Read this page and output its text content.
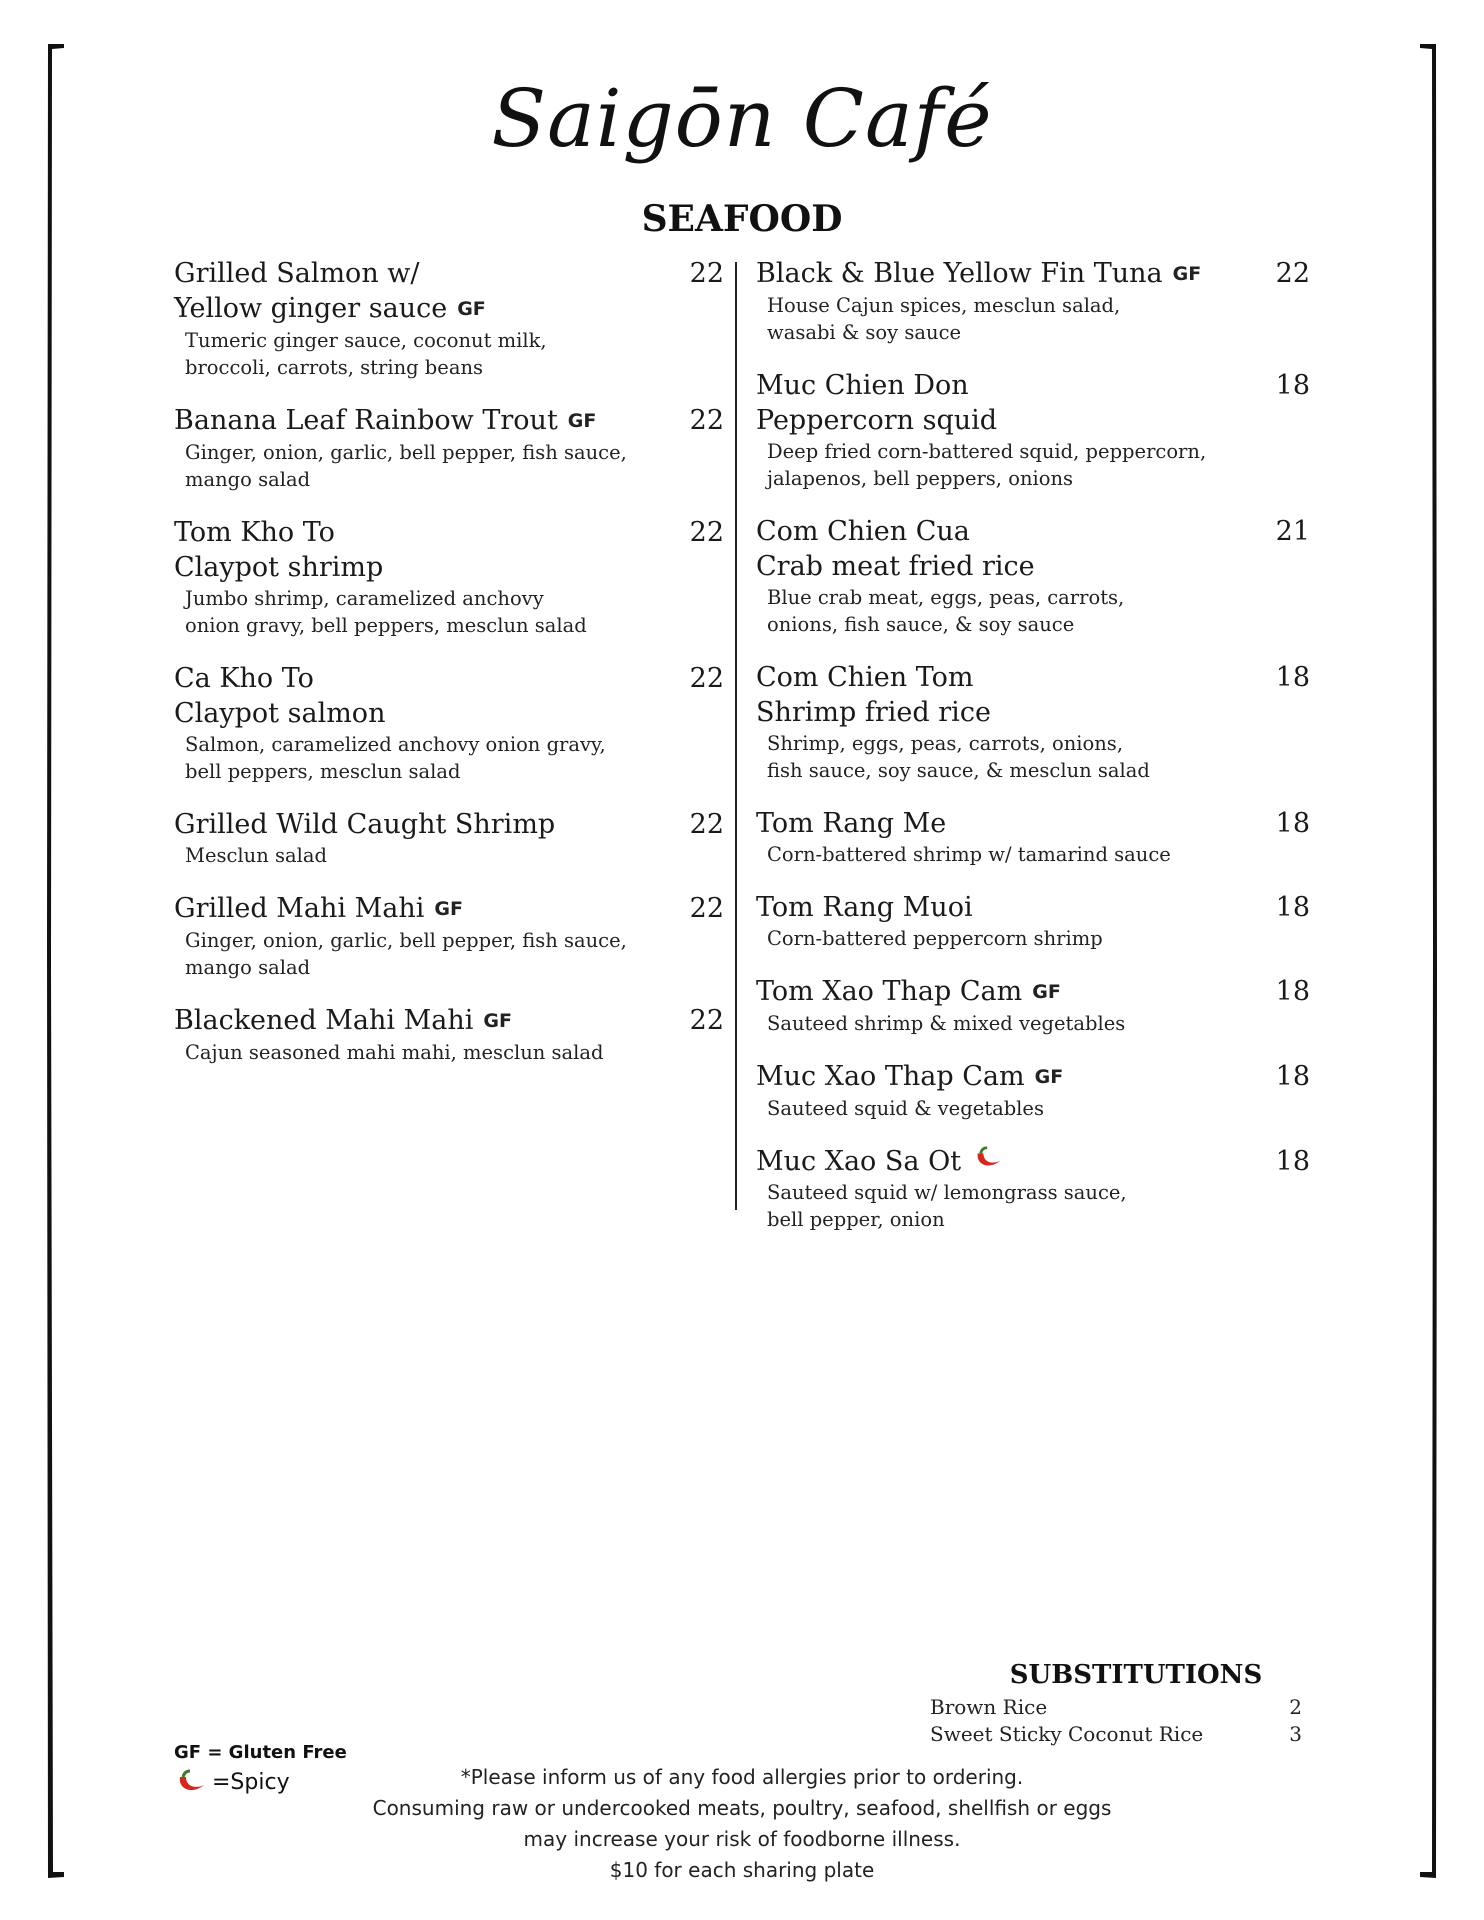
Saigōn Café
SEAFOOD
Grilled Salmon w/
Yellow ginger sauce GF
22
Tumeric ginger sauce, coconut milk,
broccoli, carrots, string beans
Banana Leaf Rainbow Trout GF	22
Ginger, onion, garlic, bell pepper, fish sauce,
mango salad
Tom Kho To
Claypot shrimp
22
Jumbo shrimp, caramelized anchovy
onion gravy, bell peppers, mesclun salad
Ca Kho To
Claypot salmon
22
Salmon, caramelized anchovy onion gravy,
bell peppers, mesclun salad
Grilled Wild Caught Shrimp	22
Mesclun salad
Grilled Mahi Mahi GF	22
Ginger, onion, garlic, bell pepper, fish sauce,
mango salad
Blackened Mahi Mahi GF	22
Cajun seasoned mahi mahi, mesclun salad
Black & Blue Yellow Fin Tuna GF	22
House Cajun spices, mesclun salad,
wasabi & soy sauce
Muc Chien Don
Peppercorn squid
18
Deep fried corn-battered squid, peppercorn,
jalapenos, bell peppers, onions
Com Chien Cua
Crab meat fried rice
21
Blue crab meat, eggs, peas, carrots,
onions, fish sauce, & soy sauce
Com Chien Tom
Shrimp fried rice
18
Shrimp, eggs, peas, carrots, onions,
fish sauce, soy sauce, & mesclun salad
Tom Rang Me	18
Corn-battered shrimp w/ tamarind sauce
Tom Rang Muoi	18
Corn-battered peppercorn shrimp
Tom Xao Thap Cam GF	18
Sauteed shrimp & mixed vegetables
Muc Xao Thap Cam GF	18
Sauteed squid & vegetables
Muc Xao Sa Ot	18
Sauteed squid w/ lemongrass sauce,
bell pepper, onion
SUBSTITUTIONS
Brown Rice	2
Sweet Sticky Coconut Rice	3
GF = Gluten Free
=Spicy	*Please inform us of any food allergies prior to ordering.
Consuming raw or undercooked meats, poultry, seafood, shellfish or eggs
may increase your risk of foodborne illness.
$10 for each sharing plate
